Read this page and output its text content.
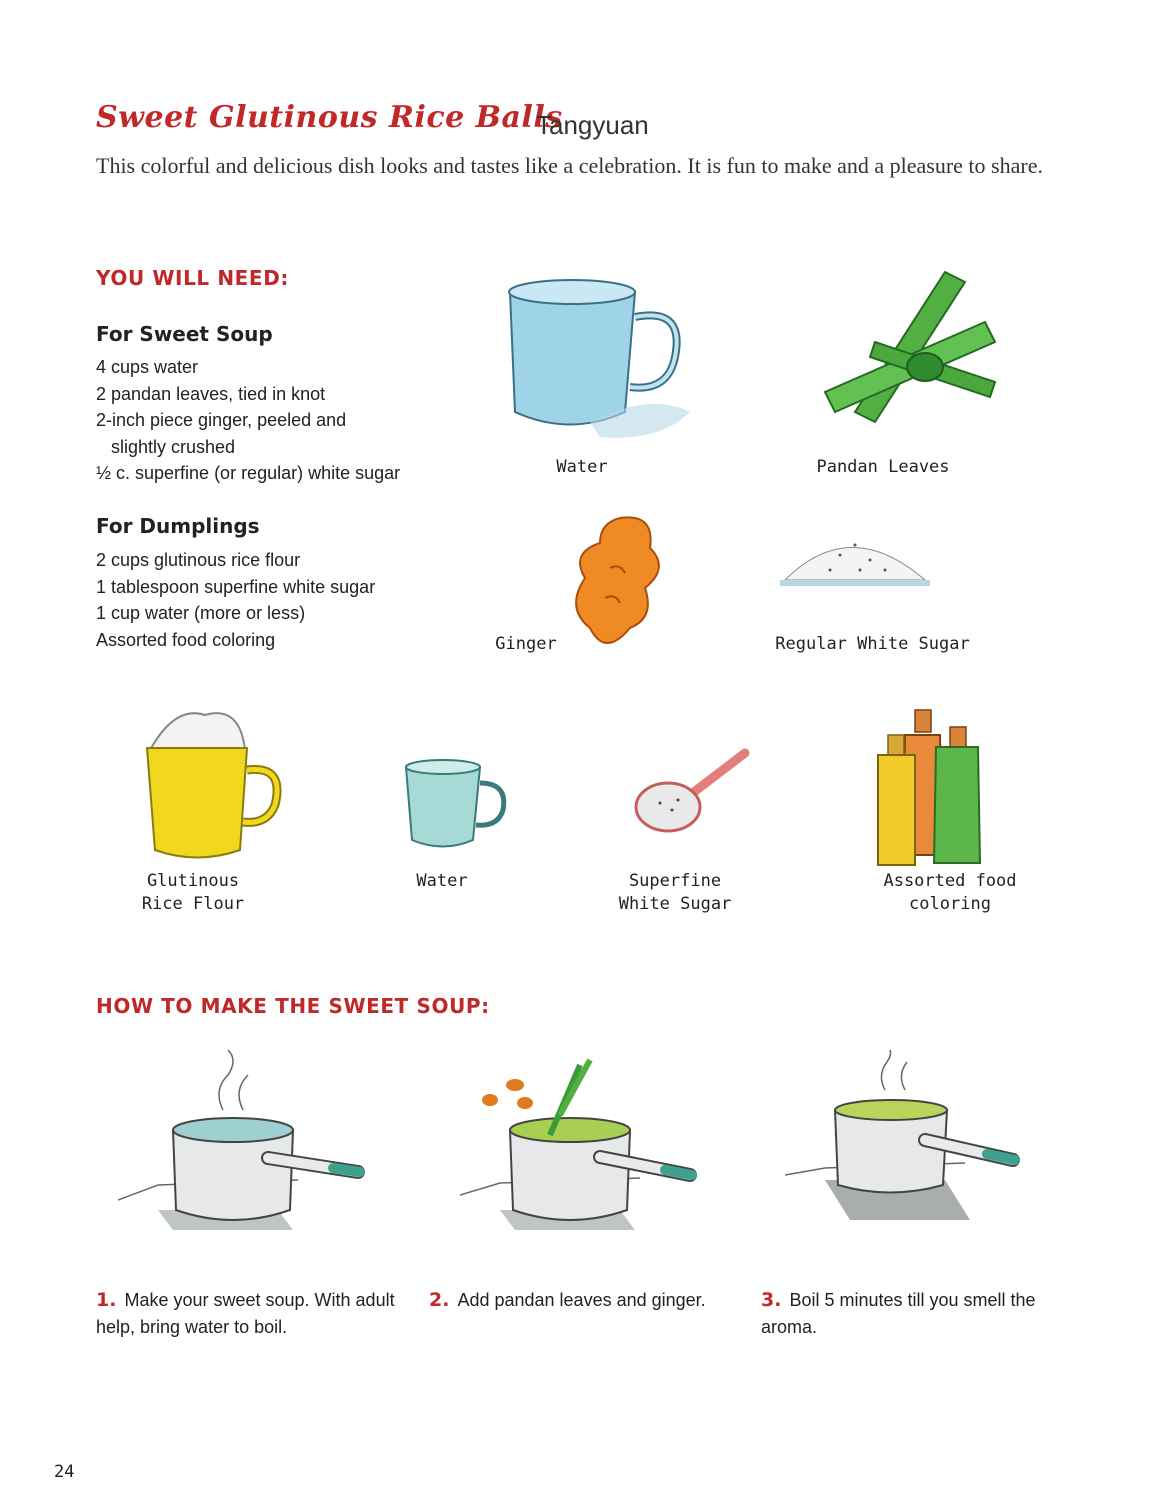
Sweet Glutinous Rice Balls
Tangyuan
This colorful and delicious dish looks and tastes like a celebration. It is fun to make and a pleasure to share.
YOU WILL NEED:
For Sweet Soup
4 cups water
2 pandan leaves, tied in knot
2-inch piece ginger, peeled and
slightly crushed
½ c. superfine (or regular) white sugar
For Dumplings
2 cups glutinous rice flour
1 tablespoon superfine white sugar
1 cup water (more or less)
Assorted food coloring
Water	Pandan Leaves
Ginger	Regular White Sugar
Glutinous
Rice Flour
Water	Superfine
White Sugar
Assorted food
coloring
HOW TO MAKE THE SWEET SOUP:
1. Make your sweet soup. With adult help, bring water to boil.
2. Add pandan leaves and ginger.	3. Boil 5 minutes till you smell the aroma.
24
